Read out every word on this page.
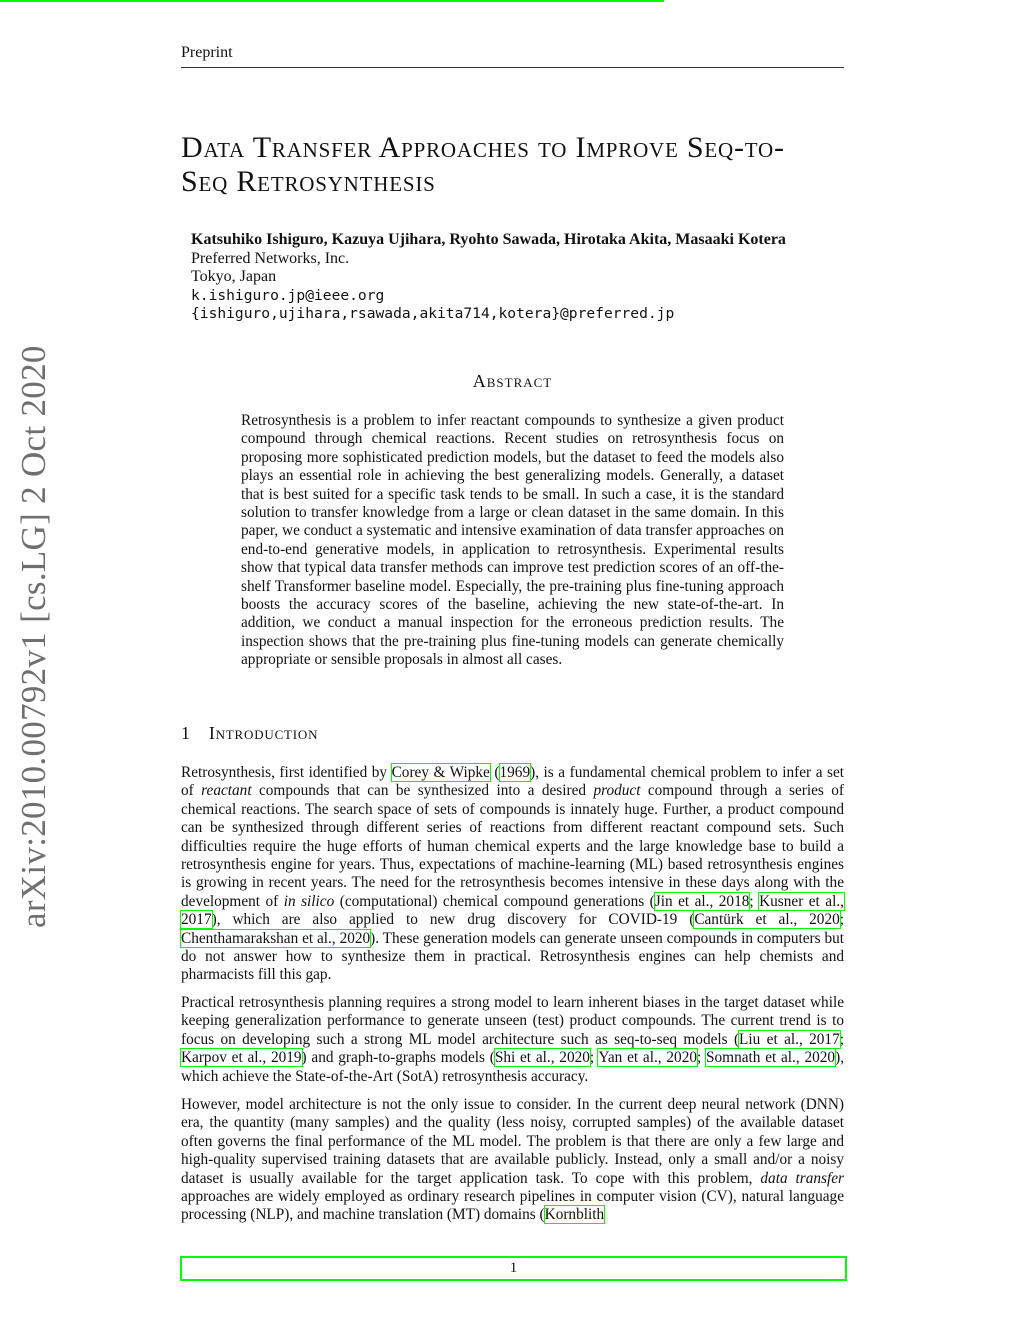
Preprint
Data Transfer Approaches to Improve Seq-to-
Seq Retrosynthesis
Katsuhiko Ishiguro, Kazuya Ujihara, Ryohto Sawada, Hirotaka Akita, Masaaki Kotera
Preferred Networks, Inc.
Tokyo, Japan
k.ishiguro.jp@ieee.org
{ishiguro,ujihara,rsawada,akita714,kotera}@preferred.jp
arXiv:2010.00792v1 [cs.LG] 2 Oct 2020	Abstract

Retrosynthesis is a problem to infer reactant compounds to synthesize a given product compound through chemical reactions. Recent studies on retrosynthesis focus on proposing more sophisticated prediction models, but the dataset to feed the models also plays an essential role in achieving the best generalizing models. Generally, a dataset that is best suited for a specific task tends to be small. In such a case, it is the standard solution to transfer knowledge from a large or clean dataset in the same domain. In this paper, we conduct a systematic and intensive examination of data transfer approaches on end-to-end generative models, in application to retrosynthesis. Experimental results show that typical data transfer methods can improve test prediction scores of an off-the-shelf Transformer baseline model. Especially, the pre-training plus fine-tuning approach boosts the accuracy scores of the baseline, achieving the new state-of-the-art. In addition, we conduct a manual inspection for the erroneous prediction results. The inspection shows that the pre-training plus fine-tuning models can generate chemically appropriate or sensible proposals in almost all cases.

1 Introduction

Retrosynthesis, first identified by Corey & Wipke (1969), is a fundamental chemical problem to infer a set of reactant compounds that can be synthesized into a desired product compound through a series of chemical reactions. The search space of sets of compounds is innately huge. Further, a product compound can be synthesized through different series of reactions from different reactant compound sets. Such difficulties require the huge efforts of human chemical experts and the large knowledge base to build a retrosynthesis engine for years. Thus, expectations of machine-learning (ML) based retrosynthesis engines is growing in recent years. The need for the retrosynthesis becomes intensive in these days along with the development of in silico (computational) chemical compound generations (Jin et al., 2018; Kusner et al., 2017), which are also applied to new drug discovery for COVID-19 (Cantürk et al., 2020; Chenthamarakshan et al., 2020). These generation models can generate unseen compounds in computers but do not answer how to synthesize them in practical. Retrosynthesis engines can help chemists and pharmacists fill this gap.

Practical retrosynthesis planning requires a strong model to learn inherent biases in the target dataset while keeping generalization performance to generate unseen (test) product compounds. The current trend is to focus on developing such a strong ML model architecture such as seq-to-seq models (Liu et al., 2017; Karpov et al., 2019) and graph-to-graphs models (Shi et al., 2020; Yan et al., 2020; Somnath et al., 2020), which achieve the State-of-the-Art (SotA) retrosynthesis accuracy.

However, model architecture is not the only issue to consider. In the current deep neural network (DNN) era, the quantity (many samples) and the quality (less noisy, corrupted samples) of the available dataset often governs the final performance of the ML model. The problem is that there are only a few large and high-quality supervised training datasets that are available publicly. Instead, only a small and/or a noisy dataset is usually available for the target application task. To cope with this problem, data transfer approaches are widely employed as ordinary research pipelines in computer vision (CV), natural language processing (NLP), and machine translation (MT) domains (Kornblith

1
